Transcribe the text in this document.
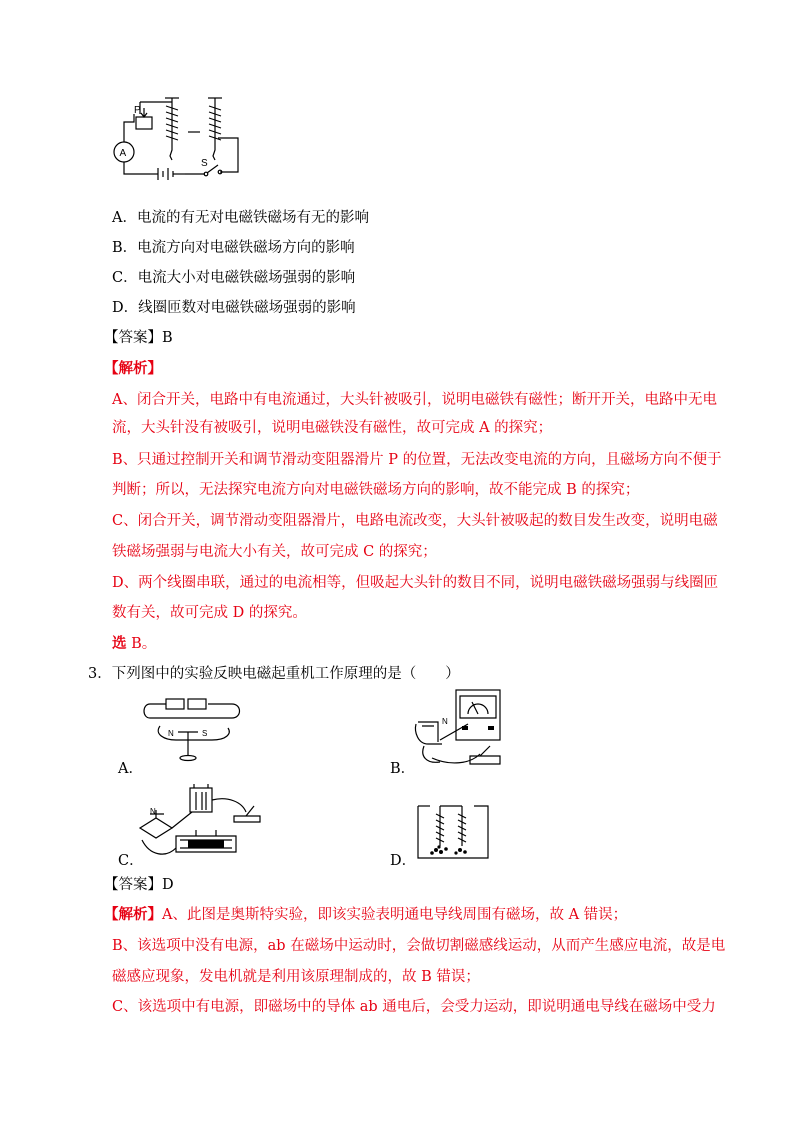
P
S
A
A．电流的有无对电磁铁磁场有无的影响
B．电流方向对电磁铁磁场方向的影响
C．电流大小对电磁铁磁场强弱的影响
D．线圈匝数对电磁铁磁场强弱的影响
【答案】B
【解析】
A、闭合开关，电路中有电流通过，大头针被吸引，说明电磁铁有磁性；断开开关，电路中无电
流，大头针没有被吸引，说明电磁铁没有磁性，故可完成 A 的探究；
B、只通过控制开关和调节滑动变阻器滑片 P 的位置，无法改变电流的方向，且磁场方向不便于
判断；所以，无法探究电流方向对电磁铁磁场方向的影响，故不能完成 B 的探究；
C、闭合开关，调节滑动变阻器滑片，电路电流改变，大头针被吸起的数目发生改变，说明电磁
铁磁场强弱与电流大小有关，故可完成 C 的探究；
D、两个线圈串联，通过的电流相等，但吸起大头针的数目不同，说明电磁铁磁场强弱与线圈匝
数有关，故可完成 D 的探究。
选 B。
3．下列图中的实验反映电磁起重机工作原理的是（　　）
N	S
A．
N
B．
N
C．	D．
【答案】D
【解析】A、此图是奥斯特实验，即该实验表明通电导线周围有磁场，故 A 错误；
B、该选项中没有电源，ab 在磁场中运动时，会做切割磁感线运动，从而产生感应电流，故是电
磁感应现象，发电机就是利用该原理制成的，故 B 错误；
C、该选项中有电源，即磁场中的导体 ab 通电后，会受力运动，即说明通电导线在磁场中受力
